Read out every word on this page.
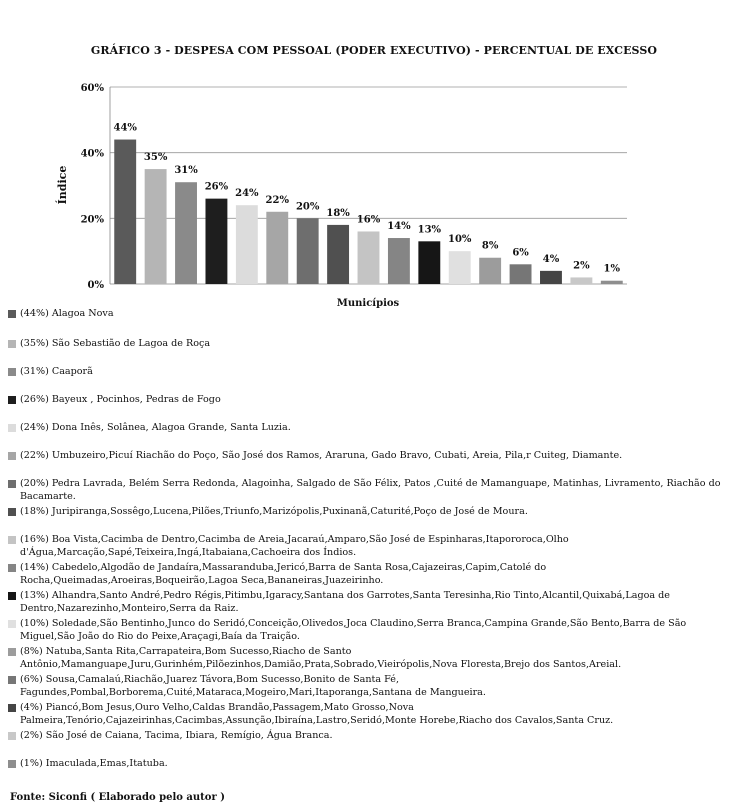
GRÁFICO 3 - DESPESA COM PESSOAL (PODER EXECUTIVO) - PERCENTUAL DE EXCESSO
0%
20%
40%
60%
44%
35%
31%
26%
24%
22%
20%
18%
16%
14% 13%
10%
8%
6%
4%
2% 1%
Índice
Municípios
(44%) Alagoa Nova
(35%) São Sebastião de Lagoa de Roça
(31%) Caaporã
(26%) Bayeux , Pocinhos, Pedras de Fogo
(24%) Dona Inês, Solânea, Alagoa Grande, Santa Luzia.
(22%) Umbuzeiro,Picuí Riachão do Poço, São José dos Ramos, Araruna, Gado Bravo, Cubati, Areia, Pila,r Cuiteg, Diamante.
(20%) Pedra Lavrada, Belém Serra Redonda, Alagoinha, Salgado de São Félix, Patos ,Cuité de Mamanguape, Matinhas, Livramento, Riachão do Bacamarte.
(18%) Juripiranga,Sossêgo,Lucena,Pilões,Triunfo,Marizópolis,Puxinanã,Caturité,Poço de José de Moura.
(16%) Boa Vista,Cacimba de Dentro,Cacimba de Areia,Jacaraú,Amparo,São José de Espinharas,Itapororoca,Olho d'Água,Marcação,Sapé,Teixeira,Ingá,Itabaiana,Cachoeira dos Índios.
(14%) Cabedelo,Algodão de Jandaíra,Massaranduba,Jericó,Barra de Santa Rosa,Cajazeiras,Capim,Catolé do Rocha,Queimadas,Aroeiras,Boqueirão,Lagoa Seca,Bananeiras,Juazeirinho.
(13%) Alhandra,Santo André,Pedro Régis,Pitimbu,Igaracy,Santana dos Garrotes,Santa Teresinha,Rio Tinto,Alcantil,Quixabá,Lagoa de Dentro,Nazarezinho,Monteiro,Serra da Raiz.
(10%) Soledade,São Bentinho,Junco do Seridó,Conceição,Olivedos,Joca Claudino,Serra Branca,Campina Grande,São Bento,Barra de São Miguel,São João do Rio do Peixe,Araçagi,Baía da Traição.
(8%) Natuba,Santa Rita,Carrapateira,Bom Sucesso,Riacho de Santo Antônio,Mamanguape,Juru,Gurinhém,Pilõezinhos,Damião,Prata,Sobrado,Vieirópolis,Nova Floresta,Brejo dos Santos,Areial.
(6%) Sousa,Camalaú,Riachão,Juarez Távora,Bom Sucesso,Bonito de Santa Fé, Fagundes,Pombal,Borborema,Cuité,Mataraca,Mogeiro,Mari,Itaporanga,Santana de Mangueira.
(4%) Piancó,Bom Jesus,Ouro Velho,Caldas Brandão,Passagem,Mato Grosso,Nova Palmeira,Tenório,Cajazeirinhas,Cacimbas,Assunção,Ibiraína,Lastro,Seridó,Monte Horebe,Riacho dos Cavalos,Santa Cruz.
(2%) São José de Caiana, Tacima, Ibiara, Remígio, Água Branca.
(1%) Imaculada,Emas,Itatuba.
Fonte: Siconfi ( Elaborado pelo autor )
